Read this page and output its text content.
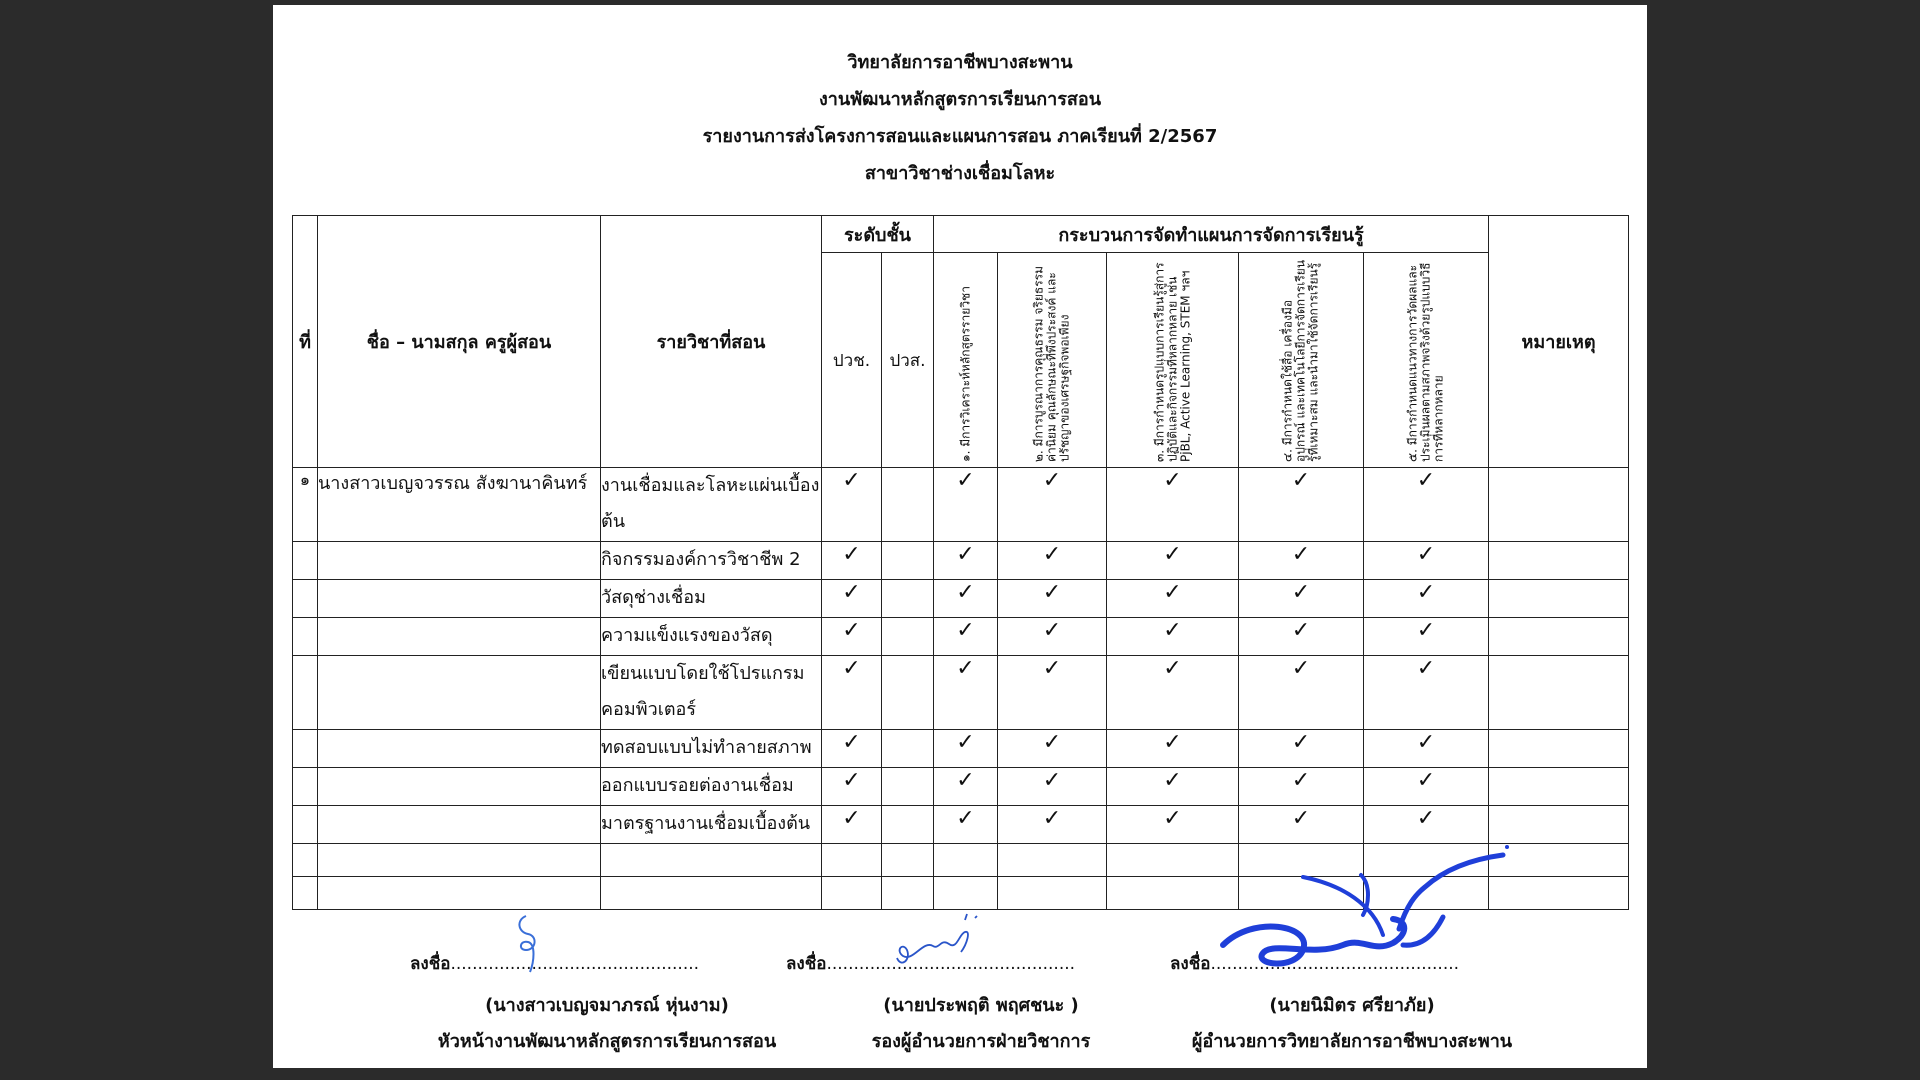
วิทยาลัยการอาชีพบางสะพาน
งานพัฒนาหลักสูตรการเรียนการสอน
รายงานการส่งโครงการสอนและแผนการสอน ภาคเรียนที่ 2/2567
สาขาวิชาช่างเชื่อมโลหะ
ที่	ชื่อ – นามสกุล ครูผู้สอน	รายวิชาที่สอน	ระดับชั้น		กระบวนการจัดทำแผนการจัดการเรียนรู้					หมายเหตุ
			ปวช.	ปวส.	๑. มีการวิเคราะห์หลักสูตรรายวิชา	๒. มีการบูรณาการคุณธรรม จริยธรรม ค่านิยม คุณลักษณะที่พึงประสงค์ และปรัชญาของเศรษฐกิจพอเพียง	๓. มีการกำหนดรูปแบบการเรียนรู้สู่การปฏิบัติและกิจกรรมที่หลากหลาย เช่น PjBL, Active Learning, STEM ฯลฯ	๔. มีการกำหนดใช้สื่อ เครื่องมือ อุปกรณ์ และเทคโนโลยีการจัดการเรียนรู้ที่เหมาะสม และนำมาใช้จัดการเรียนรู้	๕. มีการกำหนดแนวทางการวัดผลและประเมินผลตามสภาพจริงด้วยรูปแบบวิธีการที่หลากหลาย	

๑	นางสาวเบญจวรรณ สังฆานาคินทร์	งานเชื่อมและโลหะแผ่นเบื้องต้น	✓		✓	✓	✓	✓	✓	
		กิจกรรมองค์การวิชาชีพ 2	✓		✓	✓	✓	✓	✓	
		วัสดุช่างเชื่อม	✓		✓	✓	✓	✓	✓	
		ความแข็งแรงของวัสดุ	✓		✓	✓	✓	✓	✓	
		เขียนแบบโดยใช้โปรแกรมคอมพิวเตอร์	✓		✓	✓	✓	✓	✓	
		ทดสอบแบบไม่ทำลายสภาพ	✓		✓	✓	✓	✓	✓	
		ออกแบบรอยต่องานเชื่อม	✓		✓	✓	✓	✓	✓	
		มาตรฐานงานเชื่อมเบื้องต้น	✓		✓	✓	✓	✓	✓	

ลงชื่อ..............................................
(นางสาวเบญจมาภรณ์ หุ่นงาม)
หัวหน้างานพัฒนาหลักสูตรการเรียนการสอน
ลงชื่อ..............................................
(นายประพฤติ พฤศชนะ )
รองผู้อำนวยการฝ่ายวิชาการ
ลงชื่อ..............................................
(นายนิมิตร ศรียาภัย)
ผู้อำนวยการวิทยาลัยการอาชีพบางสะพาน
